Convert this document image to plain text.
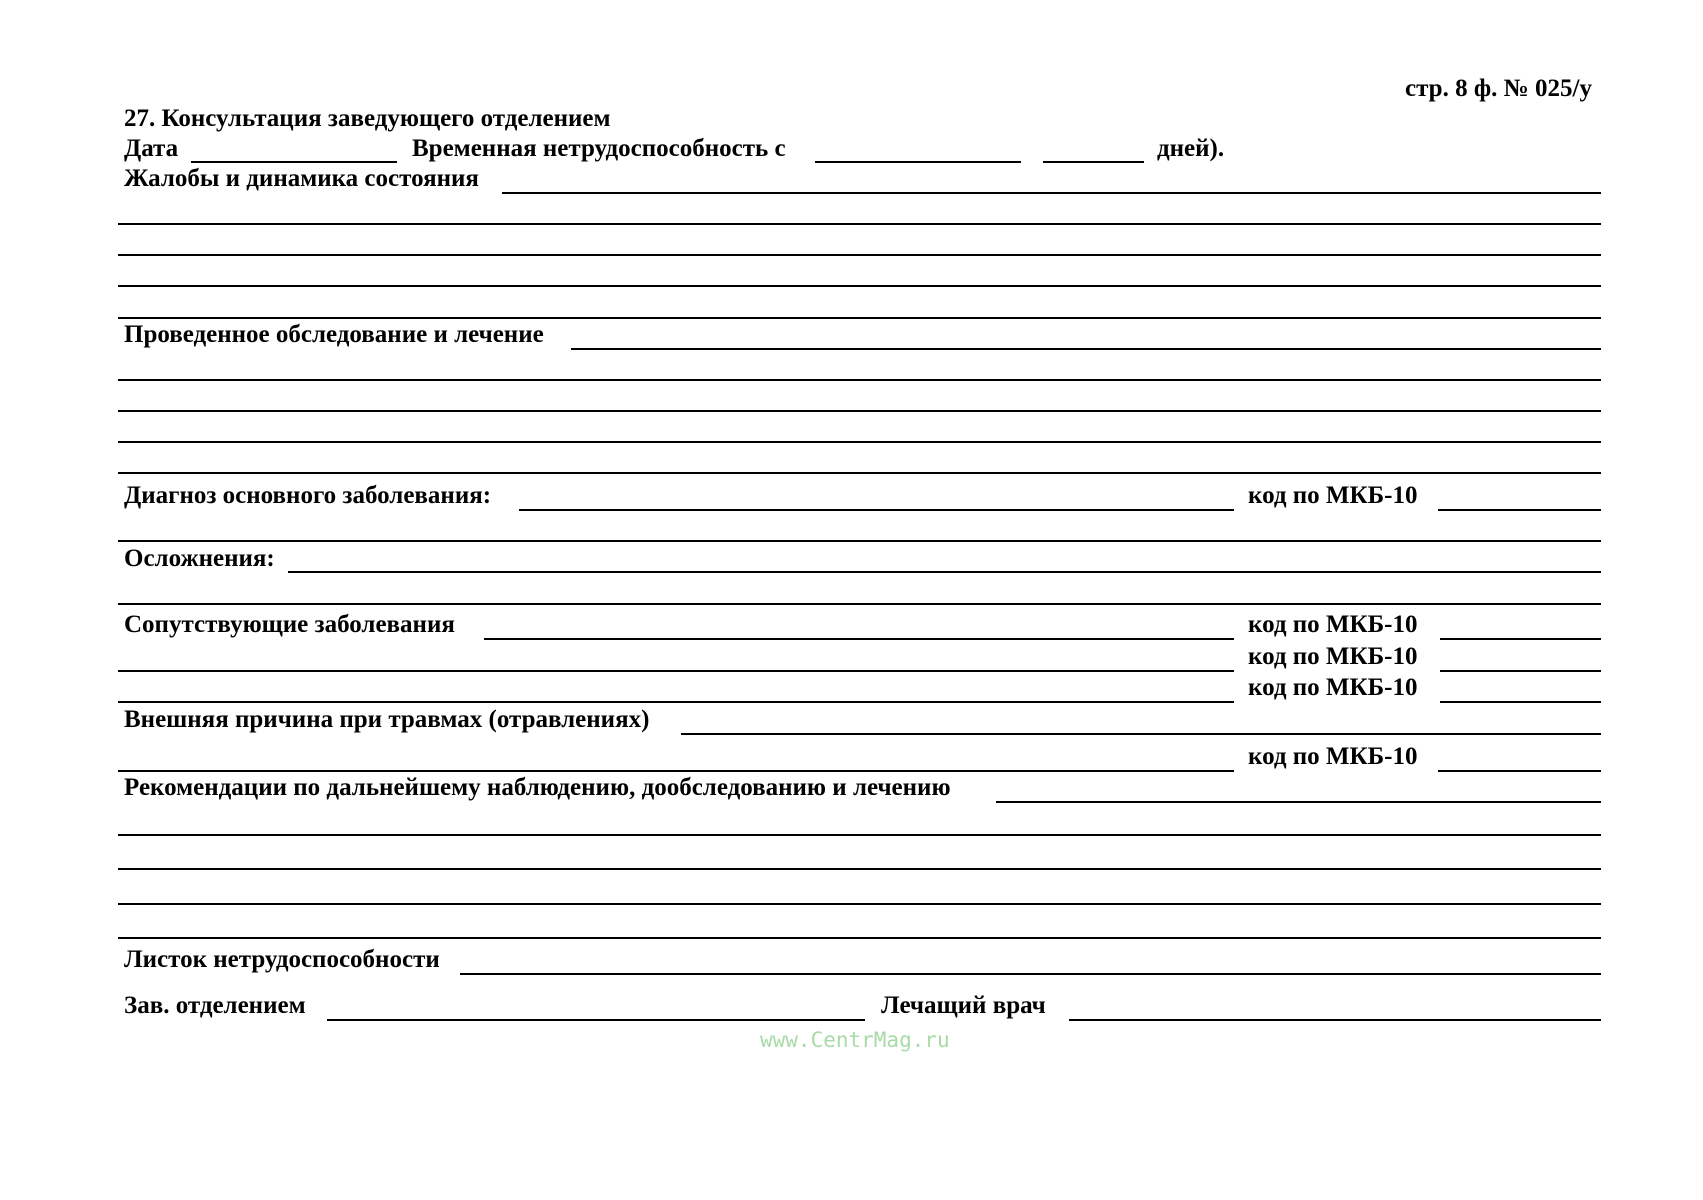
стр. 8 ф. № 025/у
27. Консультация заведующего отделением
Дата	Временная нетрудоспособность с	дней).
Жалобы и динамика состояния
Проведенное обследование и лечение
Диагноз основного заболевания:	код по МКБ-10
Осложнения:
Сопутствующие заболевания	код по МКБ-10
код по МКБ-10
код по МКБ-10
Внешняя причина при травмах (отравлениях)
код по МКБ-10
Рекомендации по дальнейшему наблюдению, дообследованию и лечению
Листок нетрудоспособности
Зав. отделением	Лечащий врач
www.CentrMag.ru
